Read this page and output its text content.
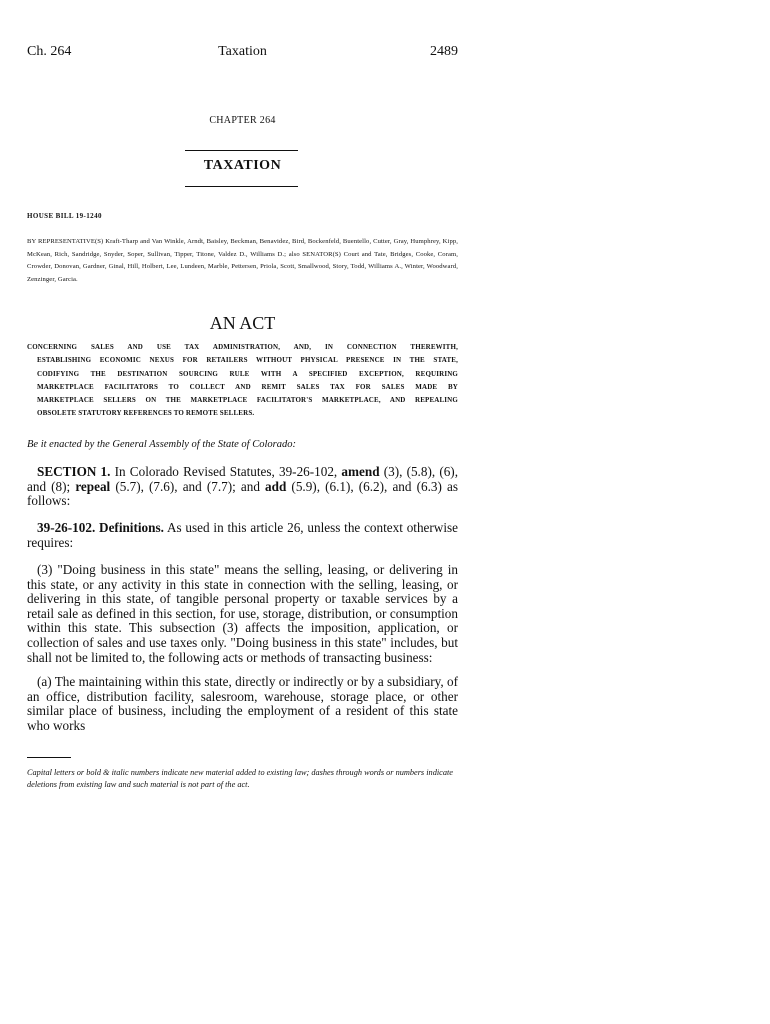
Ch. 264	Taxation	2489
CHAPTER 264
TAXATION
HOUSE BILL 19-1240
BY REPRESENTATIVE(S) Kraft-Tharp and Van Winkle, Arndt, Baisley, Beckman, Benavidez, Bird, Bockenfeld, Buentello, Cutter, Gray, Humphrey, Kipp, McKean, Rich, Sandridge, Snyder, Soper, Sullivan, Tipper, Titone, Valdez D., Williams D.; also SENATOR(S) Court and Tate, Bridges, Cooke, Coram, Crowder, Donovan, Gardner, Ginal, Hill, Holbert, Lee, Lundeen, Marble, Pettersen, Priola, Scott, Smallwood, Story, Todd, Williams A., Winter, Woodward, Zenzinger, Garcia.
AN ACT
CONCERNING SALES AND USE TAX ADMINISTRATION, AND, IN CONNECTION THEREWITH,
ESTABLISHING ECONOMIC NEXUS FOR RETAILERS WITHOUT PHYSICAL PRESENCE IN THE STATE,
CODIFYING THE DESTINATION SOURCING RULE WITH A SPECIFIED EXCEPTION, REQUIRING
MARKETPLACE FACILITATORS TO COLLECT AND REMIT SALES TAX FOR SALES MADE BY
MARKETPLACE SELLERS ON THE MARKETPLACE FACILITATOR'S MARKETPLACE, AND REPEALING
OBSOLETE STATUTORY REFERENCES TO REMOTE SELLERS.
Be it enacted by the General Assembly of the State of Colorado:
SECTION 1. In Colorado Revised Statutes, 39-26-102, amend (3), (5.8), (6), and (8); repeal (5.7), (7.6), and (7.7); and add (5.9), (6.1), (6.2), and (6.3) as follows:
39-26-102. Definitions. As used in this article 26, unless the context otherwise requires:
(3) "Doing business in this state" means the selling, leasing, or delivering in this state, or any activity in this state in connection with the selling, leasing, or delivering in this state, of tangible personal property or taxable services by a retail sale as defined in this section, for use, storage, distribution, or consumption within this state. This subsection (3) affects the imposition, application, or collection of sales and use taxes only. "Doing business in this state" includes, but shall not be limited to, the following acts or methods of transacting business:
(a) The maintaining within this state, directly or indirectly or by a subsidiary, of an office, distribution facility, salesroom, warehouse, storage place, or other similar place of business, including the employment of a resident of this state who works
Capital letters or bold & italic numbers indicate new material added to existing law; dashes through words or numbers indicate deletions from existing law and such material is not part of the act.
